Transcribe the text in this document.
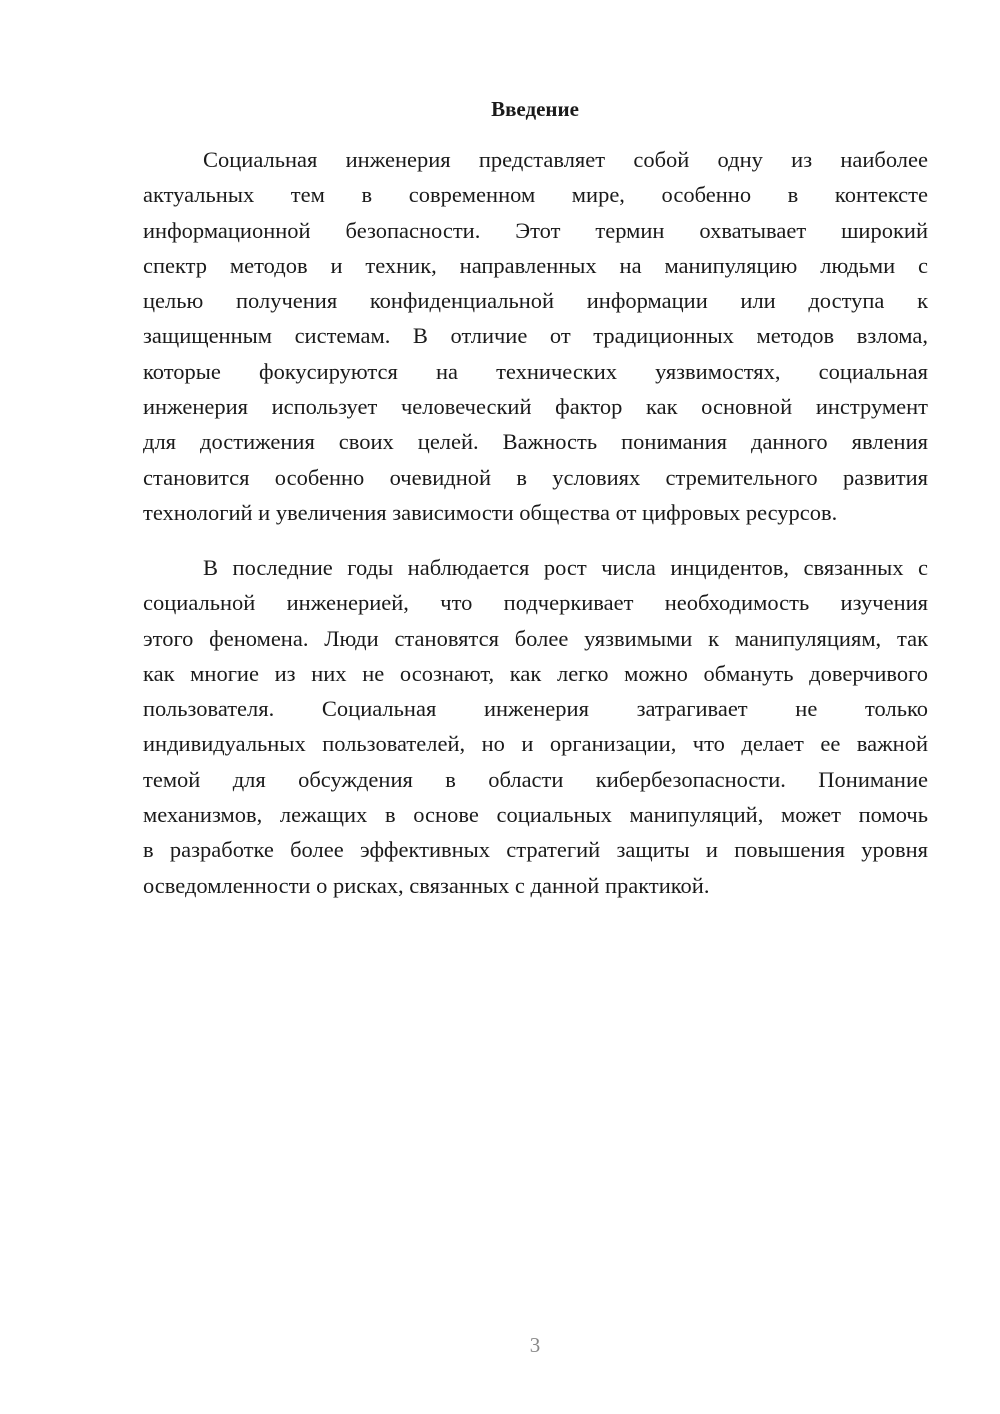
Введение
Социальная инженерия представляет собой одну из наиболее
актуальных тем в современном мире, особенно в контексте
информационной безопасности. Этот термин охватывает широкий
спектр методов и техник, направленных на манипуляцию людьми с
целью получения конфиденциальной информации или доступа к
защищенным системам. В отличие от традиционных методов взлома,
которые фокусируются на технических уязвимостях, социальная
инженерия использует человеческий фактор как основной инструмент
для достижения своих целей. Важность понимания данного явления
становится особенно очевидной в условиях стремительного развития
технологий и увеличения зависимости общества от цифровых ресурсов.
В последние годы наблюдается рост числа инцидентов, связанных с
социальной инженерией, что подчеркивает необходимость изучения
этого феномена. Люди становятся более уязвимыми к манипуляциям, так
как многие из них не осознают, как легко можно обмануть доверчивого
пользователя. Социальная инженерия затрагивает не только
индивидуальных пользователей, но и организации, что делает ее важной
темой для обсуждения в области кибербезопасности. Понимание
механизмов, лежащих в основе социальных манипуляций, может помочь
в разработке более эффективных стратегий защиты и повышения уровня
осведомленности о рисках, связанных с данной практикой.
3
